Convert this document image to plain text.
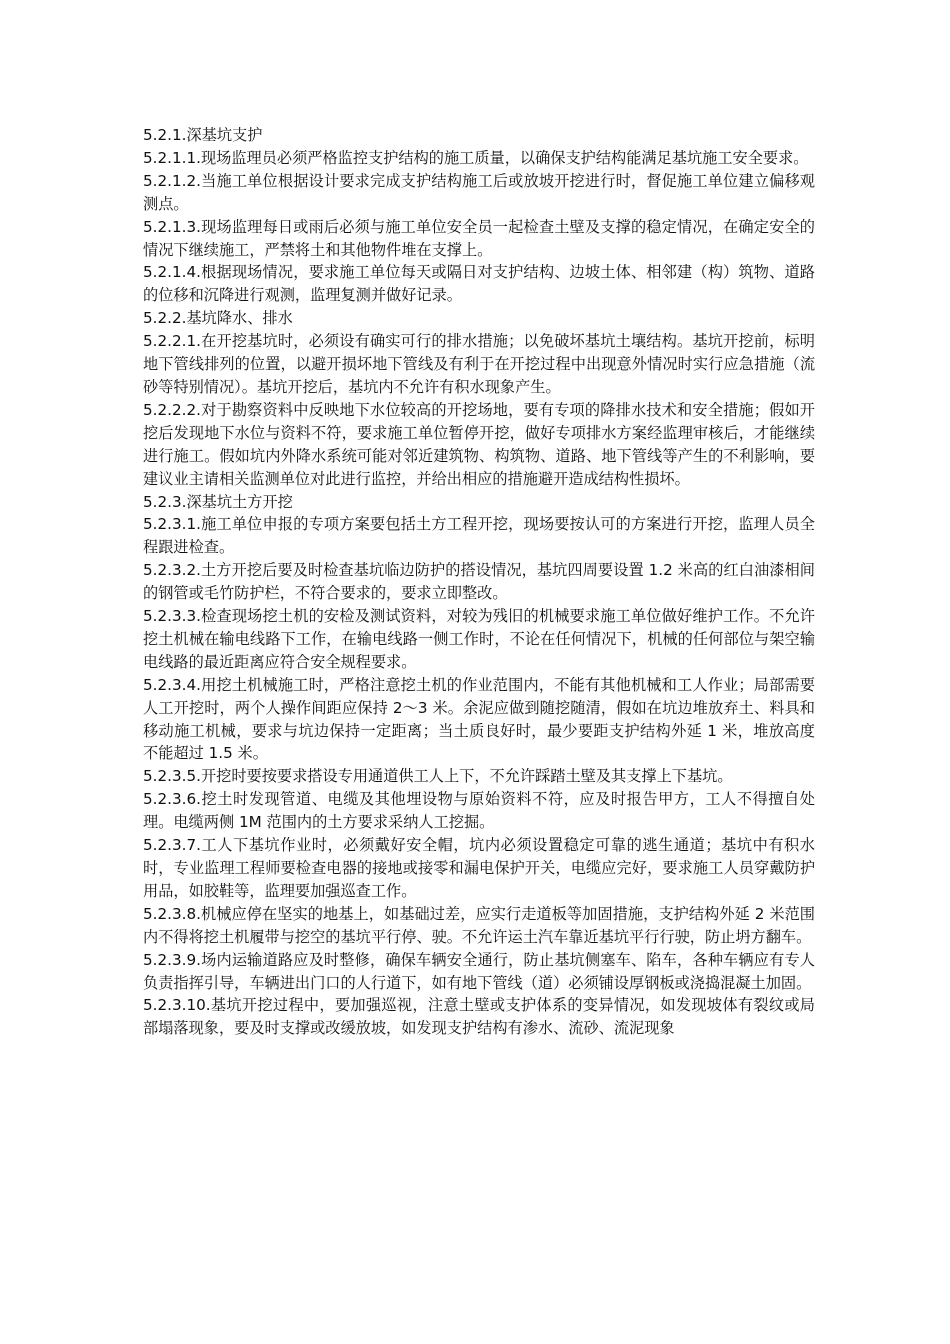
5.2.1.深基坑支护
5.2.1.1.现场监理员必须严格监控支护结构的施工质量，以确保支护结构能满足基坑施工安全要求。
5.2.1.2.当施工单位根据设计要求完成支护结构施工后或放坡开挖进行时，督促施工单位建立偏移观测点。
5.2.1.3.现场监理每日或雨后必须与施工单位安全员一起检查土壁及支撑的稳定情况，在确定安全的情况下继续施工，严禁将土和其他物件堆在支撑上。
5.2.1.4.根据现场情况，要求施工单位每天或隔日对支护结构、边坡土体、相邻建（构）筑物、道路的位移和沉降进行观测，监理复测并做好记录。
5.2.2.基坑降水、排水
5.2.2.1.在开挖基坑时，必须设有确实可行的排水措施；以免破坏基坑土壤结构。基坑开挖前，标明地下管线排列的位置，以避开损坏地下管线及有利于在开挖过程中出现意外情况时实行应急措施（流砂等特别情况）。基坑开挖后，基坑内不允许有积水现象产生。
5.2.2.2.对于勘察资料中反映地下水位较高的开挖场地，要有专项的降排水技术和安全措施；假如开挖后发现地下水位与资料不符，要求施工单位暂停开挖，做好专项排水方案经监理审核后，才能继续进行施工。假如坑内外降水系统可能对邻近建筑物、构筑物、道路、地下管线等产生的不利影响，要建议业主请相关监测单位对此进行监控，并给出相应的措施避开造成结构性损坏。
5.2.3.深基坑土方开挖
5.2.3.1.施工单位申报的专项方案要包括土方工程开挖，现场要按认可的方案进行开挖，监理人员全程跟进检查。
5.2.3.2.土方开挖后要及时检查基坑临边防护的搭设情况，基坑四周要设置 1.2 米高的红白油漆相间的钢管或毛竹防护栏，不符合要求的，要求立即整改。
5.2.3.3.检查现场挖土机的安检及测试资料，对较为残旧的机械要求施工单位做好维护工作。不允许挖土机械在输电线路下工作，在输电线路一侧工作时，不论在任何情况下，机械的任何部位与架空输电线路的最近距离应符合安全规程要求。
5.2.3.4.用挖土机械施工时，严格注意挖土机的作业范围内，不能有其他机械和工人作业；局部需要人工开挖时，两个人操作间距应保持 2～3 米。余泥应做到随挖随清，假如在坑边堆放弃土、料具和移动施工机械，要求与坑边保持一定距离；当土质良好时，最少要距支护结构外延 1 米，堆放高度不能超过 1.5 米。
5.2.3.5.开挖时要按要求搭设专用通道供工人上下，不允许踩踏土壁及其支撑上下基坑。
5.2.3.6.挖土时发现管道、电缆及其他埋设物与原始资料不符，应及时报告甲方，工人不得擅自处理。电缆两侧 1M 范围内的土方要求采纳人工挖掘。
5.2.3.7.工人下基坑作业时，必须戴好安全帽，坑内必须设置稳定可靠的逃生通道；基坑中有积水时，专业监理工程师要检查电器的接地或接零和漏电保护开关，电缆应完好，要求施工人员穿戴防护用品，如胶鞋等，监理要加强巡查工作。
5.2.3.8.机械应停在坚实的地基上，如基础过差，应实行走道板等加固措施，支护结构外延 2 米范围内不得将挖土机履带与挖空的基坑平行停、驶。不允许运土汽车靠近基坑平行行驶，防止坍方翻车。
5.2.3.9.场内运输道路应及时整修，确保车辆安全通行，防止基坑侧塞车、陷车，各种车辆应有专人负责指挥引导，车辆进出门口的人行道下，如有地下管线（道）必须铺设厚钢板或浇捣混凝土加固。
5.2.3.10.基坑开挖过程中，要加强巡视，注意土壁或支护体系的变异情况，如发现坡体有裂纹或局部塌落现象，要及时支撑或改缓放坡，如发现支护结构有渗水、流砂、流泥现象
